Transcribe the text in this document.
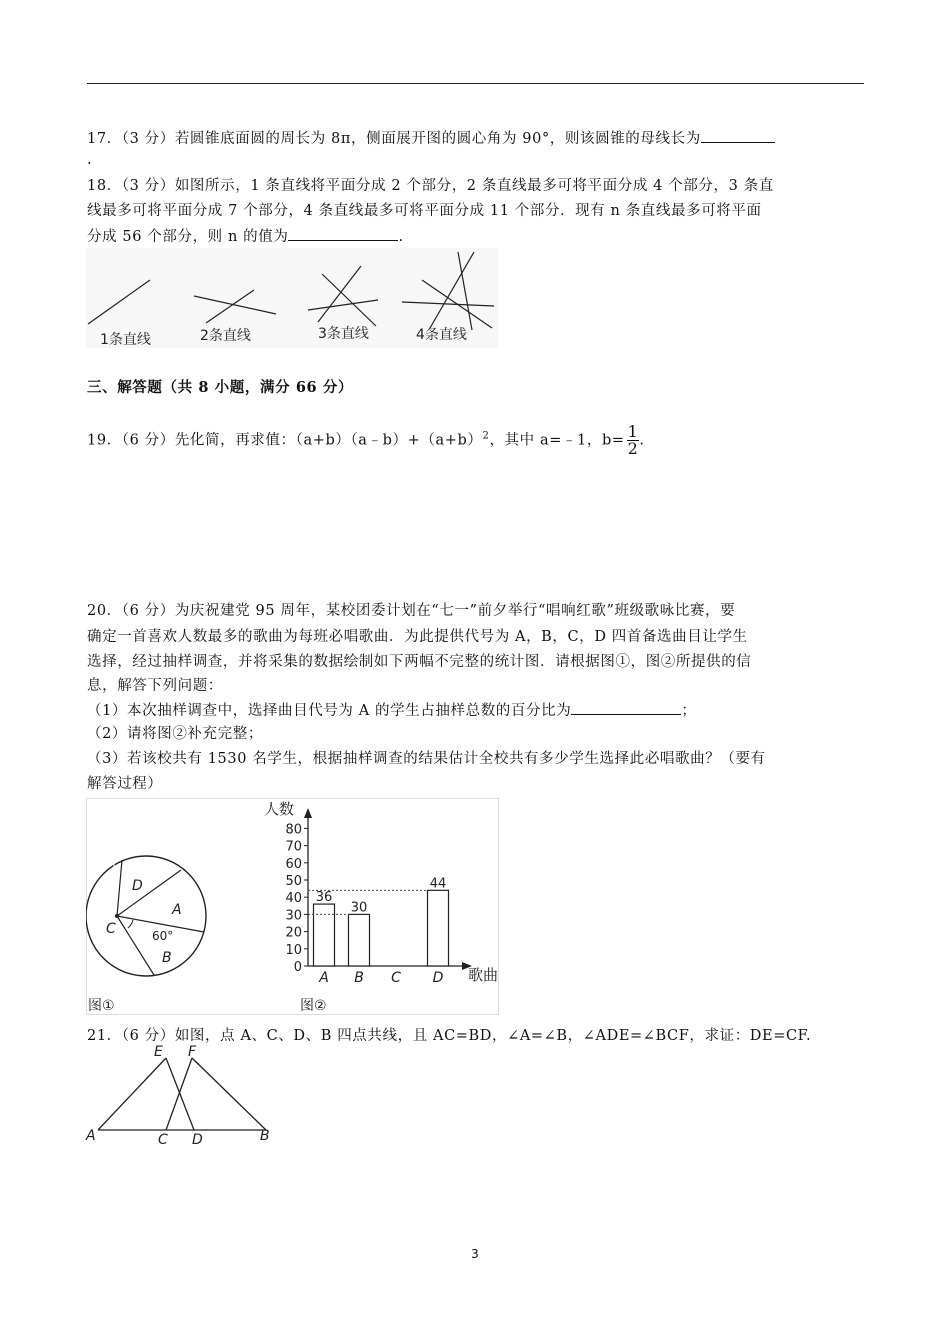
17．（3 分）若圆锥底面圆的周长为 8π，侧面展开图的圆心角为 90°，则该圆锥的母线长为
.
18．（3 分）如图所示，1 条直线将平面分成 2 个部分，2 条直线最多可将平面分成 4 个部分，3 条直
线最多可将平面分成 7 个部分，4 条直线最多可将平面分成 11 个部分．现有 n 条直线最多可将平面
分成 56 个部分，则 n 的值为	.
1条直线	2条直线	3条直线	4条直线
三、解答题（共 8 小题，满分 66 分）
19．（6 分）先化简，再求值：$(a+b)(a﹣b)+(a+b)^2$，其中 a=﹣1，$b= \frac{1}{2}$ .
20．（6 分）为庆祝建党 95 周年，某校团委计划在“七一”前夕举行“唱响红歌”班级歌咏比赛，要
确定一首喜欢人数最多的歌曲为每班必唱歌曲．为此提供代号为 A，B，C，D 四首备选曲目让学生
选择，经过抽样调查，并将采集的数据绘制如下两幅不完整的统计图．请根据图①，图②所提供的信
息，解答下列问题：
（1）本次抽样调查中，选择曲目代号为 A 的学生占抽样总数的百分比为	；
（2）请将图②补充完整；
（3）若该校共有 1530 名学生，根据抽样调查的结果估计全校共有多少学生选择此必唱歌曲？（要有
解答过程）
D
A
C
B
60°
图①
人数
歌曲
图②
0
10
20
30
40
50
60
70
80
A
36
B
30
C D
44
21．（6 分）如图，点 A、C、D、B 四点共线，且 AC=BD，∠A=∠B，∠ADE=∠BCF，求证：DE=CF.
A	C D	B
E F
3
